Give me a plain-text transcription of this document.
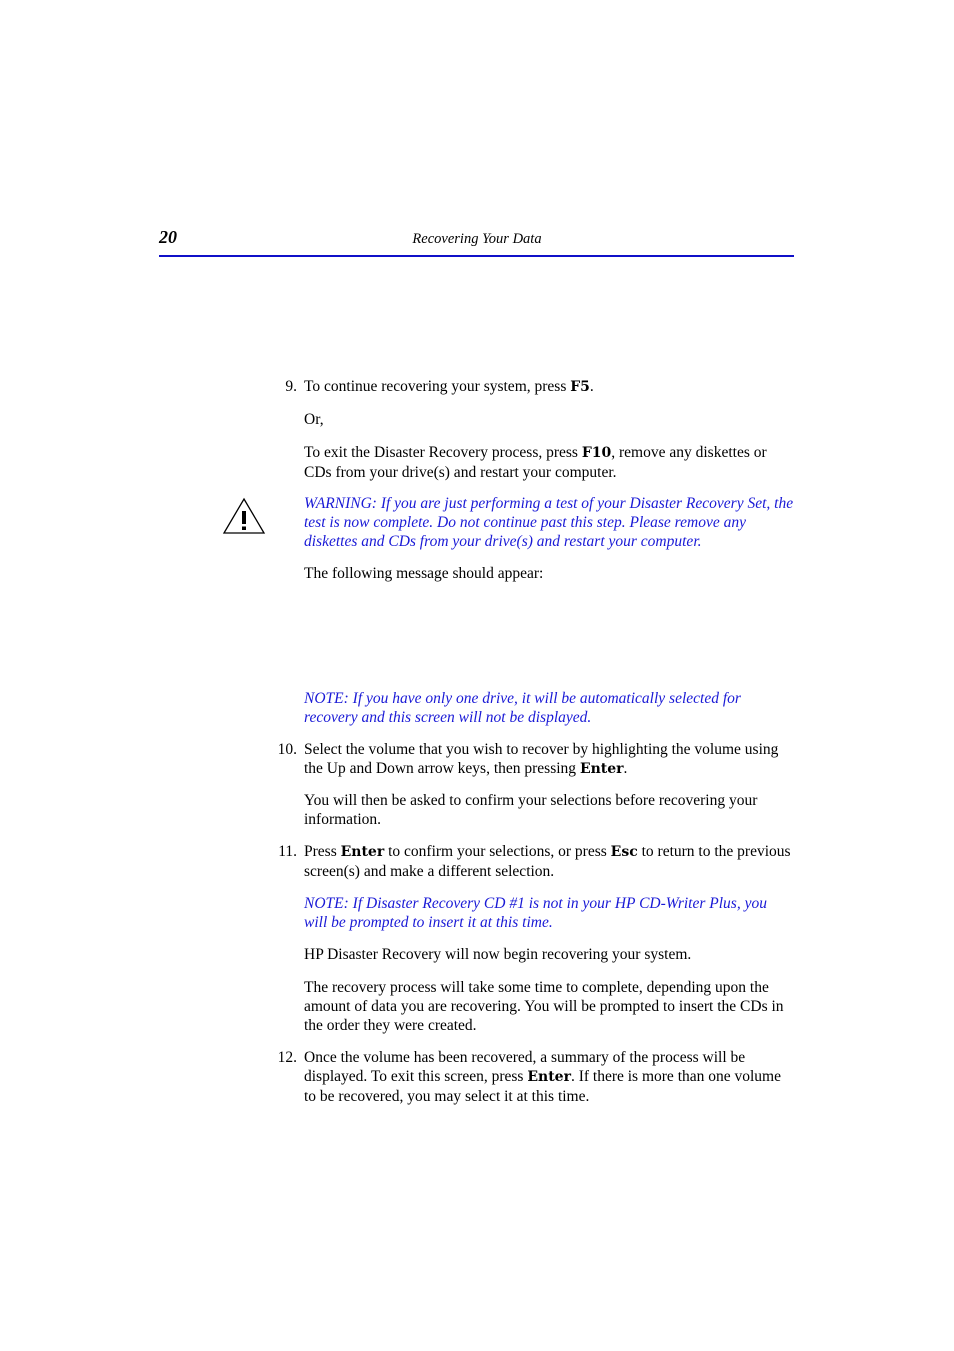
20	Recovering Your Data

9. To continue recovering your system, press F5.

Or,

To exit the Disaster Recovery process, press F10, remove any diskettes or CDs from your drive(s) and restart your computer.

WARNING: If you are just performing a test of your Disaster Recovery Set, the test is now complete. Do not continue past this step. Please remove any diskettes and CDs from your drive(s) and restart your computer.

The following message should appear:

NOTE: If you have only one drive, it will be automatically selected for recovery and this screen will not be displayed.

10. Select the volume that you wish to recover by highlighting the volume using the Up and Down arrow keys, then pressing Enter.

You will then be asked to confirm your selections before recovering your information.

11. Press Enter to confirm your selections, or press Esc to return to the previous screen(s) and make a different selection.

NOTE: If Disaster Recovery CD #1 is not in your HP CD-Writer Plus, you will be prompted to insert it at this time.

HP Disaster Recovery will now begin recovering your system.

The recovery process will take some time to complete, depending upon the amount of data you are recovering. You will be prompted to insert the CDs in the order they were created.

12. Once the volume has been recovered, a summary of the process will be displayed. To exit this screen, press Enter. If there is more than one volume to be recovered, you may select it at this time.
